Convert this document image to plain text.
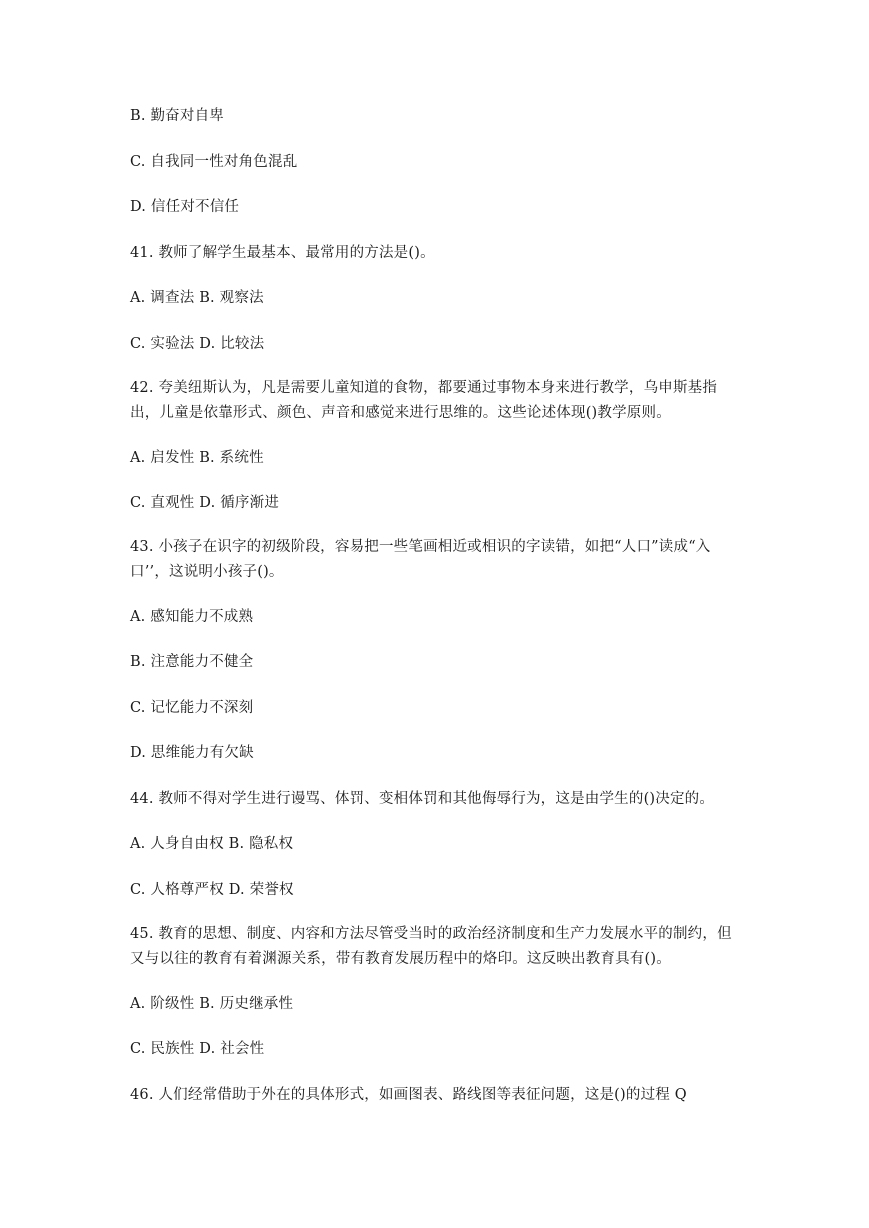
B. 勤奋对自卑
C. 自我同一性对角色混乱
D. 信任对不信任
41. 教师了解学生最基本、最常用的方法是()。
A. 调查法 B. 观察法
C. 实验法 D. 比较法
42. 夸美纽斯认为，凡是需要儿童知道的食物，都要通过事物本身来进行教学，乌申斯基指出，儿童是依靠形式、颜色、声音和感觉来进行思维的。这些论述体现()教学原则。
A. 启发性 B. 系统性
C. 直观性 D. 循序渐进
43. 小孩子在识字的初级阶段，容易把一些笔画相近或相识的字读错，如把“人口”读成“入口’’，这说明小孩子()。
A. 感知能力不成熟
B. 注意能力不健全
C. 记忆能力不深刻
D. 思维能力有欠缺
44. 教师不得对学生进行谩骂、体罚、变相体罚和其他侮辱行为，这是由学生的()决定的。
A. 人身自由权 B. 隐私权
C. 人格尊严权 D. 荣誉权
45. 教育的思想、制度、内容和方法尽管受当时的政治经济制度和生产力发展水平的制约，但又与以往的教育有着渊源关系，带有教育发展历程中的烙印。这反映出教育具有()。
A. 阶级性 B. 历史继承性
C. 民族性 D. 社会性
46. 人们经常借助于外在的具体形式，如画图表、路线图等表征问题，这是()的过程 Q
